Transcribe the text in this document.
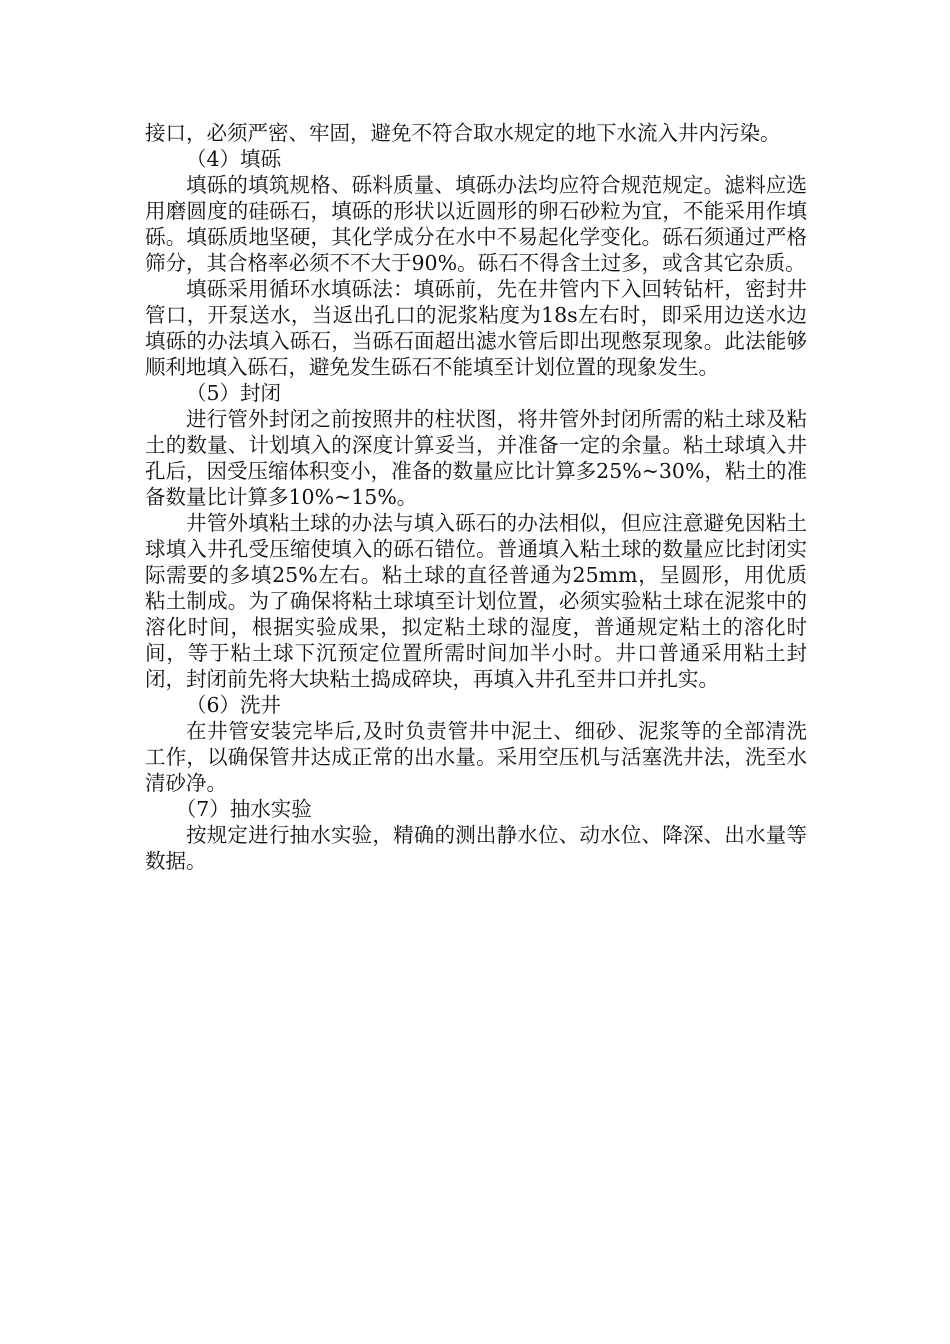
接口，必须严密、牢固，避免不符合取水规定的地下水流入井内污染。

（4）填砾

填砾的填筑规格、砾料质量、填砾办法均应符合规范规定。滤料应选用磨圆度的硅砾石，填砾的形状以近圆形的卵石砂粒为宜，不能采用作填砾。填砾质地坚硬，其化学成分在水中不易起化学变化。砾石须通过严格筛分，其合格率必须不不大于90%。砾石不得含土过多，或含其它杂质。

填砾采用循环水填砾法：填砾前，先在井管内下入回转钻杆，密封井管口，开泵送水，当返出孔口的泥浆粘度为18s左右时，即采用边送水边填砾的办法填入砾石，当砾石面超出滤水管后即出现憋泵现象。此法能够顺利地填入砾石，避免发生砾石不能填至计划位置的现象发生。

（5）封闭

进行管外封闭之前按照井的柱状图，将井管外封闭所需的粘土球及粘土的数量、计划填入的深度计算妥当，并准备一定的余量。粘土球填入井孔后，因受压缩体积变小，准备的数量应比计算多25%~30%，粘土的准备数量比计算多10%~15%。

井管外填粘土球的办法与填入砾石的办法相似，但应注意避免因粘土球填入井孔受压缩使填入的砾石错位。普通填入粘土球的数量应比封闭实际需要的多填25%左右。粘土球的直径普通为25mm，呈圆形，用优质粘土制成。为了确保将粘土球填至计划位置，必须实验粘土球在泥浆中的溶化时间，根据实验成果，拟定粘土球的湿度，普通规定粘土的溶化时间，等于粘土球下沉预定位置所需时间加半小时。井口普通采用粘土封闭，封闭前先将大块粘土捣成碎块，再填入井孔至井口并扎实。

（6）洗井

在井管安装完毕后,及时负责管井中泥土、细砂、泥浆等的全部清洗工作，以确保管井达成正常的出水量。采用空压机与活塞洗井法，洗至水清砂净。

（7）抽水实验

按规定进行抽水实验，精确的测出静水位、动水位、降深、出水量等数据。
